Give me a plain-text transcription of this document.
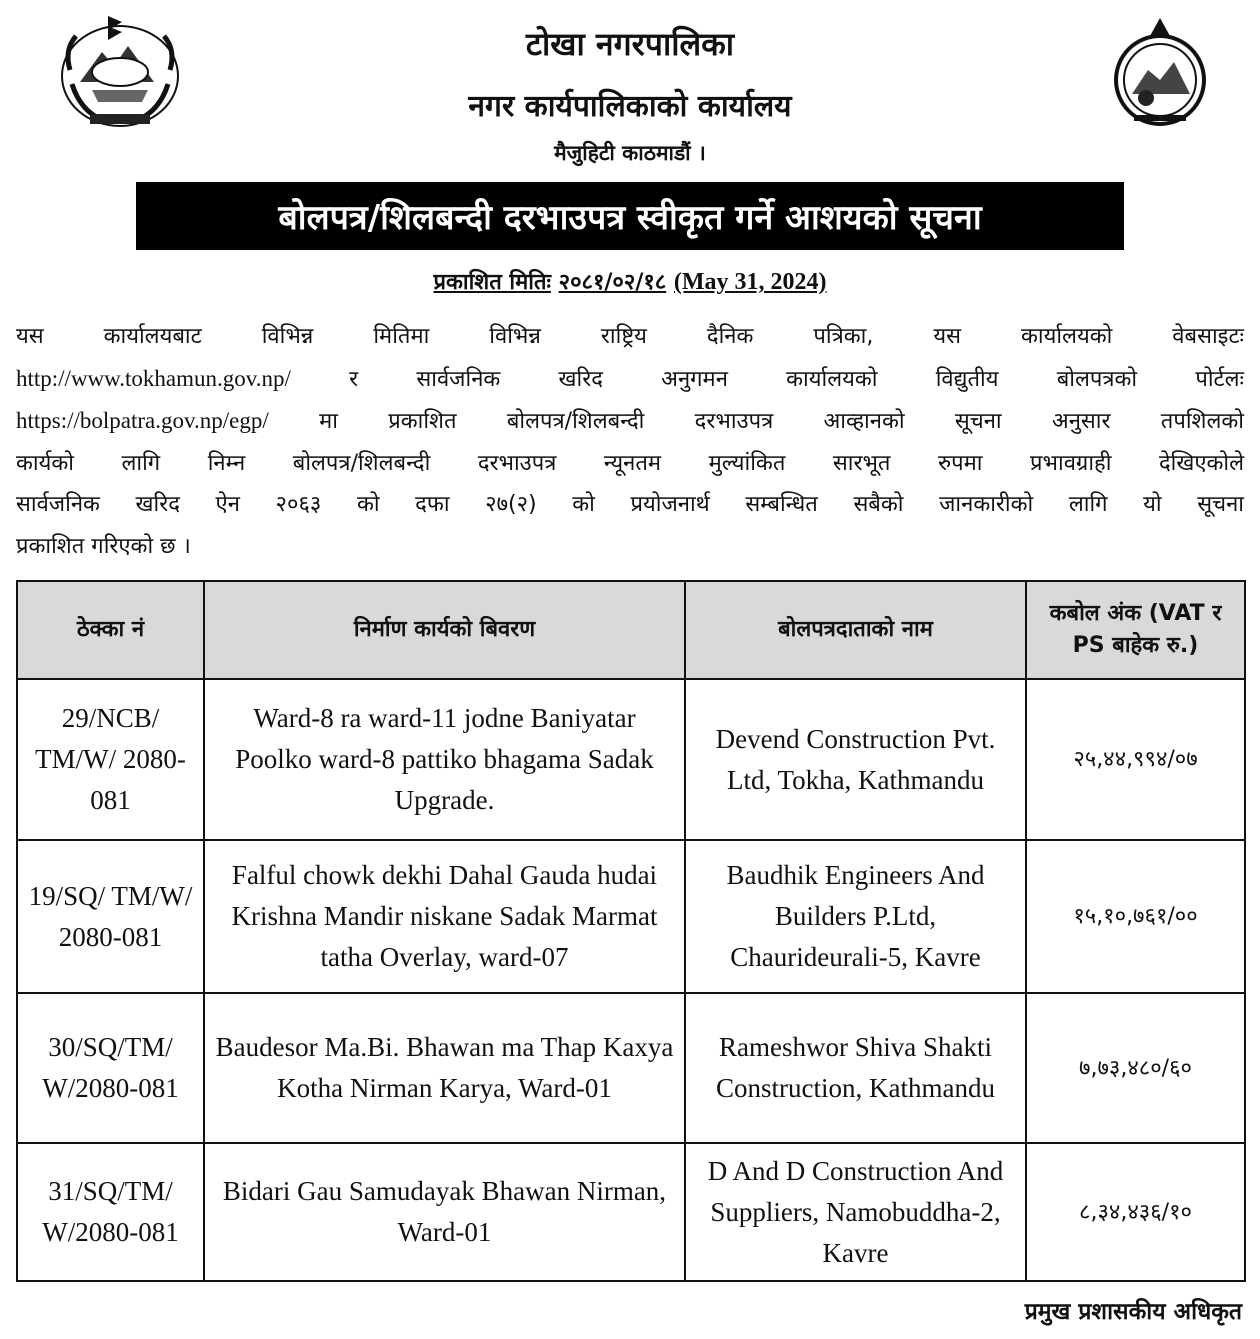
टोखा नगरपालिका
नगर कार्यपालिकाको कार्यालय
मैजुहिटी काठमाडौं ।
बोलपत्र/शिलबन्दी दरभाउपत्र स्वीकृत गर्ने आशयको सूचना
प्रकाशित मितिः २०८१/०२/१८ (May 31, 2024)

यस कार्यालयबाट विभिन्न मितिमा विभिन्न राष्ट्रिय दैनिक पत्रिका, यस कार्यालयको वेबसाइटः

http://www.tokhamun.gov.np/	र सार्वजनिक खरिद अनुगमन कार्यालयको विद्युतीय बोलपत्रको पोर्टलः

https://bolpatra.gov.np/egp/ मा प्रकाशित बोलपत्र/शिलबन्दी दरभाउपत्र आव्हानको सूचना अनुसार तपशिलको

कार्यको लागि निम्न बोलपत्र/शिलबन्दी दरभाउपत्र न्यूनतम मुल्यांकित सारभूत रुपमा प्रभावग्राही देखिएकोले

सार्वजनिक खरिद ऐन २०६३ को दफा २७(२) को प्रयोजनार्थ सम्बन्धित सबैको जानकारीको लागि यो सूचना

प्रकाशित गरिएको छ ।

ठेक्का नं	निर्माण कार्यको बिवरण	बोलपत्रदाताको नाम	कबोल अंक (VAT र PS बाहेक रु.)
29/NCB/ TM/W/ 2080-081	Ward-8 ra ward-11 jodne Baniyatar Poolko ward-8 pattiko bhagama Sadak Upgrade.	Devend Construction Pvt. Ltd, Tokha, Kathmandu	२५,४४,९९४/०७
19/SQ/ TM/W/ 2080-081	Falful chowk dekhi Dahal Gauda hudai Krishna Mandir niskane Sadak Marmat tatha Overlay, ward-07	Baudhik Engineers And Builders P.Ltd, Chaurideurali-5, Kavre	१५,१०,७६१/००
30/SQ/TM/ W/2080-081	Baudesor Ma.Bi. Bhawan ma Thap Kaxya Kotha Nirman Karya, Ward-01	Rameshwor Shiva Shakti Construction, Kathmandu	७,७३,४८०/६०
31/SQ/TM/ W/2080-081	Bidari Gau Samudayak Bhawan Nirman, Ward-01	D And D Construction And Suppliers, Namobuddha-2, Kavre	८,३४,४३६/१०
प्रमुख प्रशासकीय अधिकृत
